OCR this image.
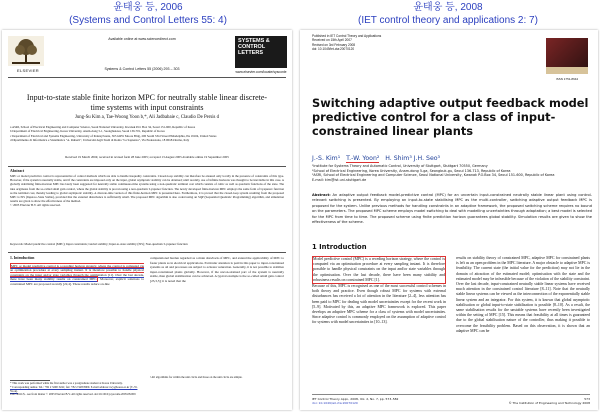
윤태웅 등, 2006
(Systems and Control Letters 55: 4)
윤태웅 등, 2008
(IET control theory and applications 2: 7)
ELSEVIER
Available online at www.sciencedirect.com
Systems & Control Letters 55 (2006) 293 – 303
SYSTEMS & CONTROL LETTERS
www.elsevier.com/locate/sysconle
Input-to-state stable finite horizon MPC for neutrally stable linear discrete-time systems with input constraints
Jung-Su Kim a, Tae-Woong Yoon b,*, Ali Jadbabaie c, Claudio De Persis d
a ASRI, School of Electrical Engineering and Computer Science, Seoul National University, Kwanak P.O. Box 34, Seoul 151-600, Republic of Korea
b Department of Electrical Engineering, Korea University, Anam-dong 5-1, Seongbuk-ku, Seoul 136-701, Republic of Korea
c Department of Electrical and Systems Engineering, University of Pennsylvania, 365 GRW Moore Bldg, 200 South 33rd Street Philadelphia, PA 19104, United States
d Dipartimento di Informatica e Sistemistica "A. Ruberti", Università degli Studi di Roma "La Sapienza", Via Eudossiana, 18 00184 Roma, Italy
Received 19 March 2004; received in revised form 28 June 2005; accepted 13 August 2005 Available online 19 September 2005
Abstract
MPC or model predictive control is representative of control methods which are able to handle inequality constraints. Closed-loop stability can therefore be ensured only locally in the presence of constraints of this type. However, if the system is neutrally stable, and if the constraints are imposed only on the input, global asymptotic stability can be obtained; until recently, use of infinite horizons was thought to be inevitable in this case. A globally stabilizing finite-horizon MPC has lately been suggested for neutrally stable continuous-time systems using a non-quadratic terminal cost which consists of cubic as well as quadratic functions of the state. The idea originates from the so-called small gain control, where the global stability is proven using a non-quadratic Lyapunov function. The newly developed finite-horizon MPC employs the same form of Lyapunov function as the terminal cost, thereby leading to global asymptotic stability. A discrete-time version of this finite-horizon MPC is presented here. Furthermore, it is proved that the closed-loop system resulting from the proposed MPC is ISS (Input-to-State Stable), provided that the external disturbance is sufficiently small. The proposed MPC algorithm is also coded using an SQP (Sequential Quadratic Programming) algorithm, and simulation results are given to show the effectiveness of the method.
© 2005 Elsevier B.V. All rights reserved.
Keywords: Model predictive control (MPC); Input constraints; Global stability; Input-to-state stability (ISS); Non-quadratic Lyapunov function
1. Introduction
MPC or model predictive control is a receding horizon strategy, where the control is computed via an optimization procedure at every sampling instant. It is therefore possible to handle physical constraints on the input and/or state variables through the optimization [11]. Over the last decade, there have been many stability results on constrained MPC. Moreover, explicit solutions to constrained MPC are proposed recently [22,4]. These results reduce on-line
computational burden regarded as a main drawback of MPC, and extend the applicability of MPC to faster plants as in electrical applications. Particular attention is paid in this paper to input-constrained systems as oil and processes are subject to actuator saturation. Generally, it is not possible to stabilize input-constrained plants globally. However, if the uncon-strained part of the system is neutrally stable, than global stabilization can be achieved. A typical example is the so-called small gain control [23,3,5]; it is noted that the
* This work was performed while the first author was a postgraduate student at Korea University.
* Corresponding author. Tel.: +82 2 3290 3241; fax: +82 2 928 8909. E-mail address: twy@korea.ac.kr (T.-W. Yoon).
0167-6911/$ - see front matter © 2005 Elsevier B.V. All rights reserved. doi:10.1016/j.sysconle.2005.08.009
¹ All algorithms for within the unit circle and those on the unit circle are simple.
Published in IET Control Theory and Applications
Received on 15th April 2007
Revised on 3rd February 2008
doi: 10.1049/iet-cta:20070120
ISSN 1751-8644
Switching adaptive output feedback model predictive control for a class of input-constrained linear plants
J.-S. Kim¹ T.-W. Yoon² H. Shim³ J.H. Seo³
¹Institute for Systems Theory and Automatic Control, University of Stuttgart, Stuttgart 70550, Germany
²School of Electrical Engineering, Korea University, Anam-dong 5-ga, Seongbuk-gu, Seoul 136-713, Republic of Korea
³ASRI, School of Electrical Engineering and Computer Science, Seoul National University, Kwanak P.O.Box 34, Seoul 151-600, Republic of Korea
E-mail: kim@ist.uni-stuttgart.de
Abstract: An adaptive output feedback model-predictive control (MPC) for an uncertain input-constrained neutrally stable linear plant using control-relevant switching is presented. By employing an input-to-state stabilising MPC as the multi-controller, switching adaptive output feedback MPC is proposed for the system. Unlike previous methods for handling constraints in an adaptive framework, the proposed switching scheme requires no bound on the parameters. The proposed MPC scheme employs model switching to deal with modelling uncertainties through adaptation; a best model is selected for the MPC from time to time. The proposed scheme using finite prediction horizon guarantees global stability. Simulation results are given to show the effectiveness of the scheme.
1 Introduction
Model predictive control (MPC) is a receding horizon strategy, where the control is computed via an optimisation procedure at every sampling instant. It is therefore possible to handle physical constraints on the input and/or state variables through the optimisation. Over the last decade, there have been many stability and robustness results on constrained MPC [1].
Because of this, MPC is recognised as one of the most successful control schemes in both theory and practice. Even though robust MPC for systems with external disturbances has received a lot of attention in the literature [2–4], less attention has been paid to MPC for dealing with model uncertainties except for the recent work in [5–9]. Motivated by this, an adaptive MPC framework is explored. This paper develops an adaptive MPC scheme for a class of systems with model uncertainties. Since adaptive control is commonly employed on the assumption of adaptive control for systems with model uncertainties in [10–13].
results on stability theory of constrained MPC, adaptive MPC for constrained plants is left as an open problem in the MPC literature. A major obstacle to adaptive MPC is feasibility. The current state (the initial value for the prediction) may not lie in the domain of attraction of the estimated model; optimisation with the state and the estimated model may be infeasible because of the violation of the stability constraint. Over the last decade, input-constrained neutrally stable linear systems have received much attention in the constrained control literature [8–11]. Note that the neutrally stable linear systems can be viewed as the interconnection of the exponentially stable linear system and an integrator. For this system, it is known that global asymptotic stabilisation or global input-to-state stabilisation is possible [8–10]. As a result, the same stabilisation results for the unstable systems have recently been investigated within the setting of MPC [15]. This means that feasibility at all times is guaranteed due to the global stabilisation nature of the controller, thus making it possible to overcome the feasibility problem. Based on this observation, it is shown that an adaptive MPC can be
IET Control Theory Appl., 2008, Vol. 2, No. 7, pp. 573–582
doi: 10.1049/iet-cta:20070120
573
© The Institution of Engineering and Technology 2008
